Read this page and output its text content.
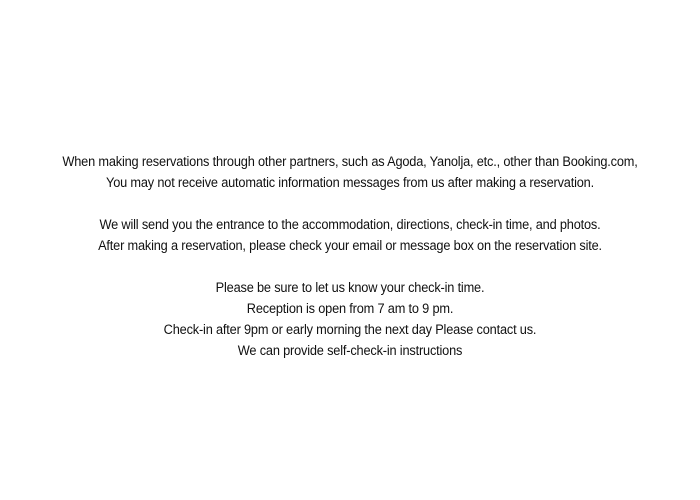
When making reservations through other partners, such as Agoda, Yanolja, etc., other than Booking.com,
You may not receive automatic information messages from us after making a reservation.
We will send you the entrance to the accommodation, directions, check-in time, and photos.
After making a reservation, please check your email or message box on the reservation site.
Please be sure to let us know your check-in time.
Reception is open from 7 am to 9 pm.
Check-in after 9pm or early morning the next day Please contact us.
We can provide self-check-in instructions
